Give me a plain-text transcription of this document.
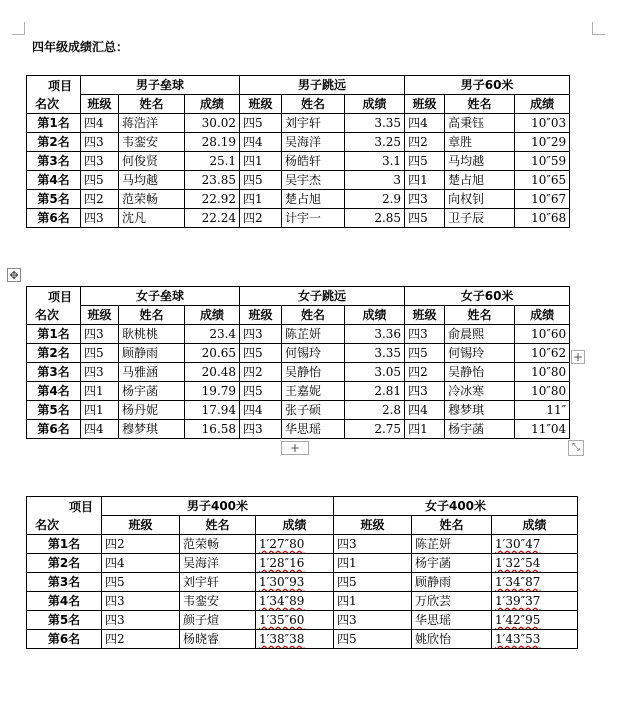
四年级成绩汇总：
项目
名次	男子垒球			男子跳远			男子60米		
	班级	姓名	成绩	班级	姓名	成绩	班级	姓名	成绩
第1名	四4	蒋浩洋	30.02	四5	刘宇轩	3.35	四4	高秉钰	10″03
第2名	四3	韦銮安	28.19	四4	吴海洋	3.25	四2	章胜	10″29
第3名	四3	何俊贤	25.1	四1	杨皓轩	3.1	四5	马均越	10″59
第4名	四5	马均越	23.85	四5	吴宇杰	3	四1	楚占旭	10″65
第5名	四2	范荣畅	22.92	四1	楚占旭	2.9	四3	向权钊	10″67
第6名	四3	沈凡	22.24	四2	计宇一	2.85	四5	卫子辰	10″68
✥
项目
名次	女子垒球			女子跳远			女子60米		
	班级	姓名	成绩	班级	姓名	成绩	班级	姓名	成绩
第1名	四3	耿桃桃	23.4	四3	陈芷妍	3.36	四3	俞晨熙	10″60
第2名	四5	顾静雨	20.65	四5	何锡玲	3.35	四5	何锡玲	10″62
第3名	四3	马雅涵	20.48	四2	吴静怡	3.05	四2	吴静怡	10″80
第4名	四1	杨宇菡	19.79	四5	王嘉妮	2.81	四3	冷冰寒	10″80
第5名	四1	杨丹妮	17.94	四4	张子硕	2.8	四4	穆梦琪	11″
第6名	四4	穆梦琪	16.58	四3	华思瑶	2.75	四1	杨宇菡	11″04
+
+	⤡
项目
名次	男子400米			女子400米		
	班级	姓名	成绩	班级	姓名	成绩
第1名	四2	范荣畅	1′27″80	四3	陈芷妍	1′30″47
第2名	四4	吴海洋	1′28″16	四1	杨宇菡	1′32″54
第3名	四5	刘宇轩	1′30″93	四5	顾静雨	1′34″87
第4名	四3	韦銮安	1′34″89	四1	万欣芸	1′39″37
第5名	四3	颜子煊	1′35″60	四3	华思瑶	1′42″95
第6名	四2	杨晓睿	1′38″38	四5	姚欣怡	1′43″53
